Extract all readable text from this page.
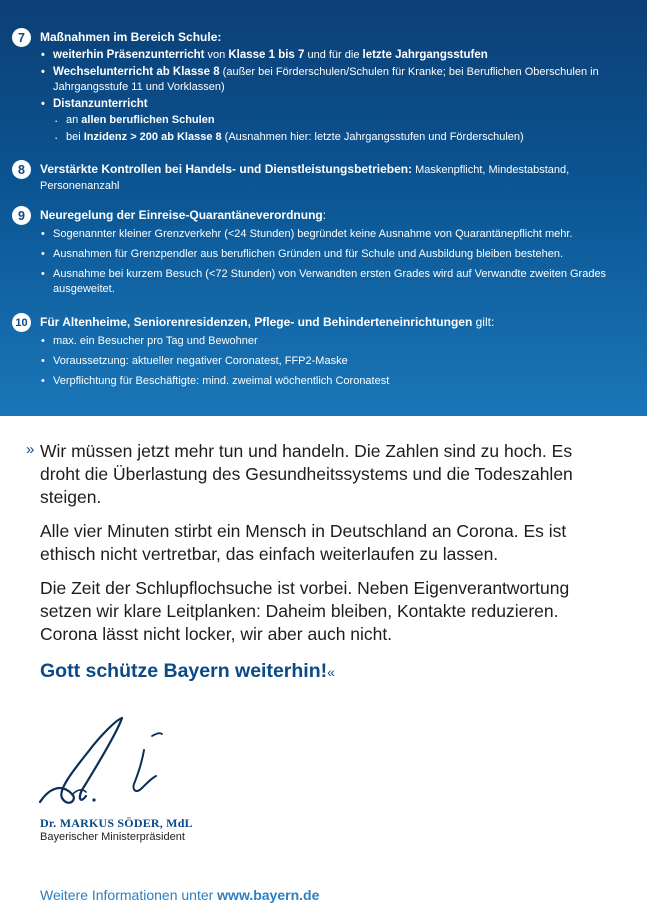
7	Maßnahmen im Bereich Schule:
• weiterhin Präsenzunterricht von Klasse 1 bis 7 und für die letzte Jahrgangsstufen
• Wechselunterricht ab Klasse 8 (außer bei Förderschulen/Schulen für Kranke; bei Beruflichen Oberschulen in Jahrgangsstufe 11 und Vorklassen)
• Distanzunterricht
· an allen beruflichen Schulen
· bei Inzidenz > 200 ab Klasse 8 (Ausnahmen hier: letzte Jahrgangsstufen und Förderschulen)
8	Verstärkte Kontrollen bei Handels- und Dienstleistungsbetrieben: Maskenpflicht, Mindestabstand, Personenanzahl
9	Neuregelung der Einreise-Quarantäneverordnung:
• Sogenannter kleiner Grenzverkehr (<24 Stunden) begründet keine Ausnahme von Quarantänepflicht mehr.
• Ausnahmen für Grenzpendler aus beruflichen Gründen und für Schule und Ausbildung bleiben bestehen.
• Ausnahme bei kurzem Besuch (<72 Stunden) von Verwandten ersten Grades wird auf Verwandte zweiten Grades ausgeweitet.
10 Für Altenheime, Seniorenresidenzen, Pflege- und Behinderteneinrichtungen gilt:
• max. ein Besucher pro Tag und Bewohner
• Voraussetzung: aktueller negativer Coronatest, FFP2-Maske
• Verpflichtung für Beschäftigte: mind. zweimal wöchentlich Coronatest
» Wir müssen jetzt mehr tun und handeln. Die Zahlen sind zu hoch. Es droht die Überlastung des Gesundheitssystems und die Todeszahlen steigen.

Alle vier Minuten stirbt ein Mensch in Deutschland an Corona. Es ist ethisch nicht vertretbar, das einfach weiterlaufen zu lassen.

Die Zeit der Schlupflochsuche ist vorbei. Neben Eigenverantwortung setzen wir klare Leitplanken: Daheim bleiben, Kontakte reduzieren. Corona lässt nicht locker, wir aber auch nicht.

Gott schütze Bayern weiterhin!«
Dr. MARKUS SÖDER, MdL
Bayerischer Ministerpräsident
Weitere Informationen unter www.bayern.de
